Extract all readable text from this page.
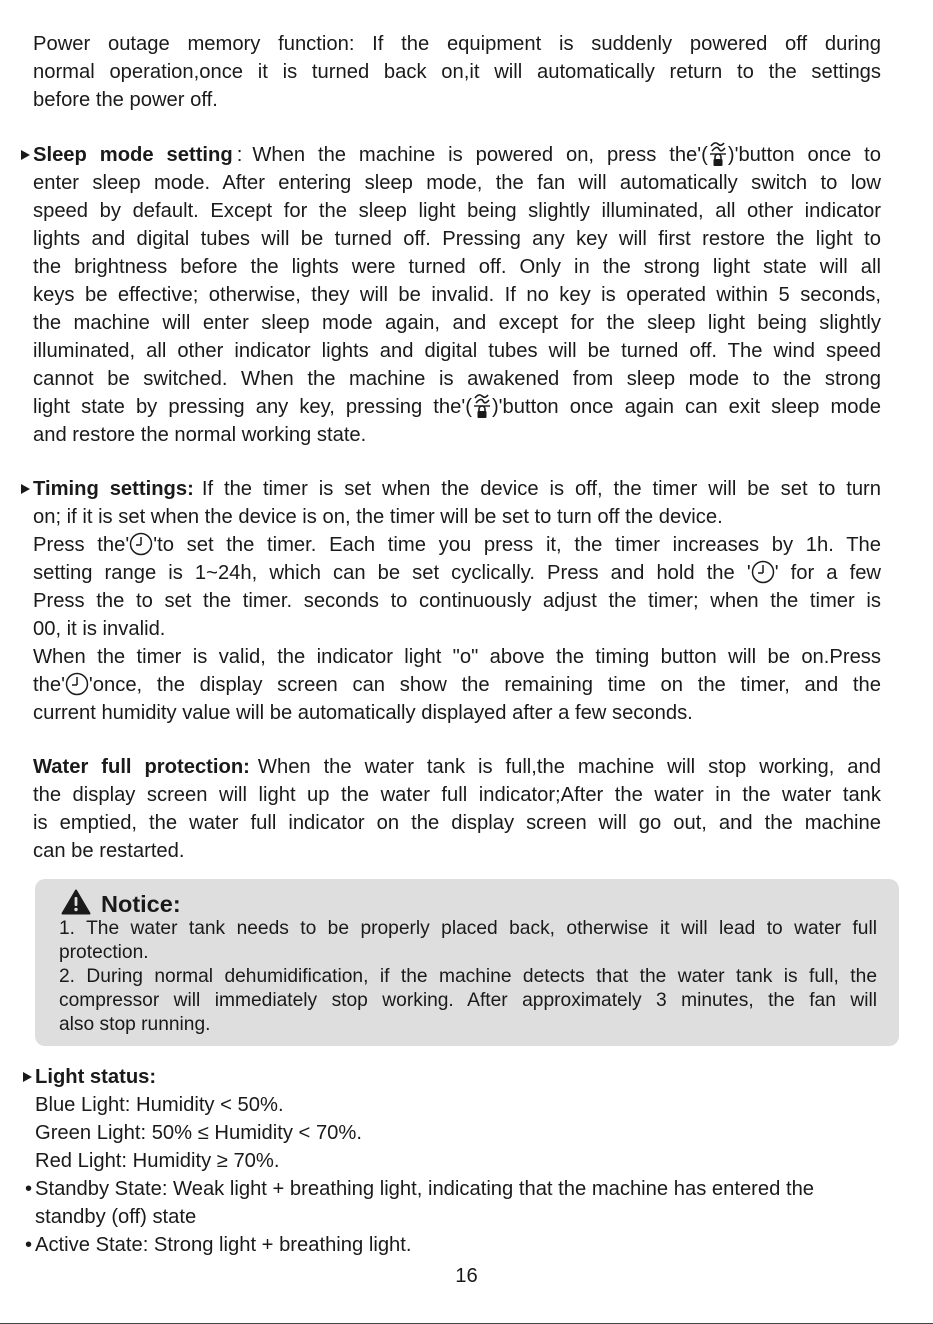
Power outage memory function: If the equipment is suddenly powered off during
normal operation,once it is turned back on,it will automatically return to the settings
before the power off.
Sleep mode setting : When the machine is powered on, press the'( )'button once to
enter sleep mode. After entering sleep mode, the fan will automatically switch to low
speed by default. Except for the sleep light being slightly illuminated, all other indicator
lights and digital tubes will be turned off. Pressing any key will first restore the light to
the brightness before the lights were turned off. Only in the strong light state will all
keys be effective; otherwise, they will be invalid. If no key is operated within 5 seconds,
the machine will enter sleep mode again, and except for the sleep light being slightly
illuminated, all other indicator lights and digital tubes will be turned off. The wind speed
cannot be switched. When the machine is awakened from sleep mode to the strong
light state by pressing any key, pressing the'( )'button once again can exit sleep mode
and restore the normal working state.
Timing settings: If the timer is set when the device is off, the timer will be set to turn
on; if it is set when the device is on, the timer will be set to turn off the device.
Press the' 'to set the timer. Each time you press it, the timer increases by 1h. The
setting range is 1~24h, which can be set cyclically. Press and hold the ' ' for a few
Press the to set the timer. seconds to continuously adjust the timer; when the timer is
00, it is invalid.
When the timer is valid, the indicator light "o" above the timing button will be on.Press
the' 'once, the display screen can show the remaining time on the timer, and the
current humidity value will be automatically displayed after a few seconds.
Water full protection: When the water tank is full,the machine will stop working, and
the display screen will light up the water full indicator;After the water in the water tank
is emptied, the water full indicator on the display screen will go out, and the machine
can be restarted.
Notice:
1. The water tank needs to be properly placed back, otherwise it will lead to water full
protection.
2. During normal dehumidification, if the machine detects that the water tank is full, the
compressor will immediately stop working. After approximately 3 minutes, the fan will
also stop running.
Light status:
Blue Light: Humidity < 50%.
Green Light: 50% ≤ Humidity < 70%.
Red Light: Humidity ≥ 70%.
• Standby State: Weak light + breathing light, indicating that the machine has entered the
standby (off) state
• Active State: Strong light + breathing light.
16
